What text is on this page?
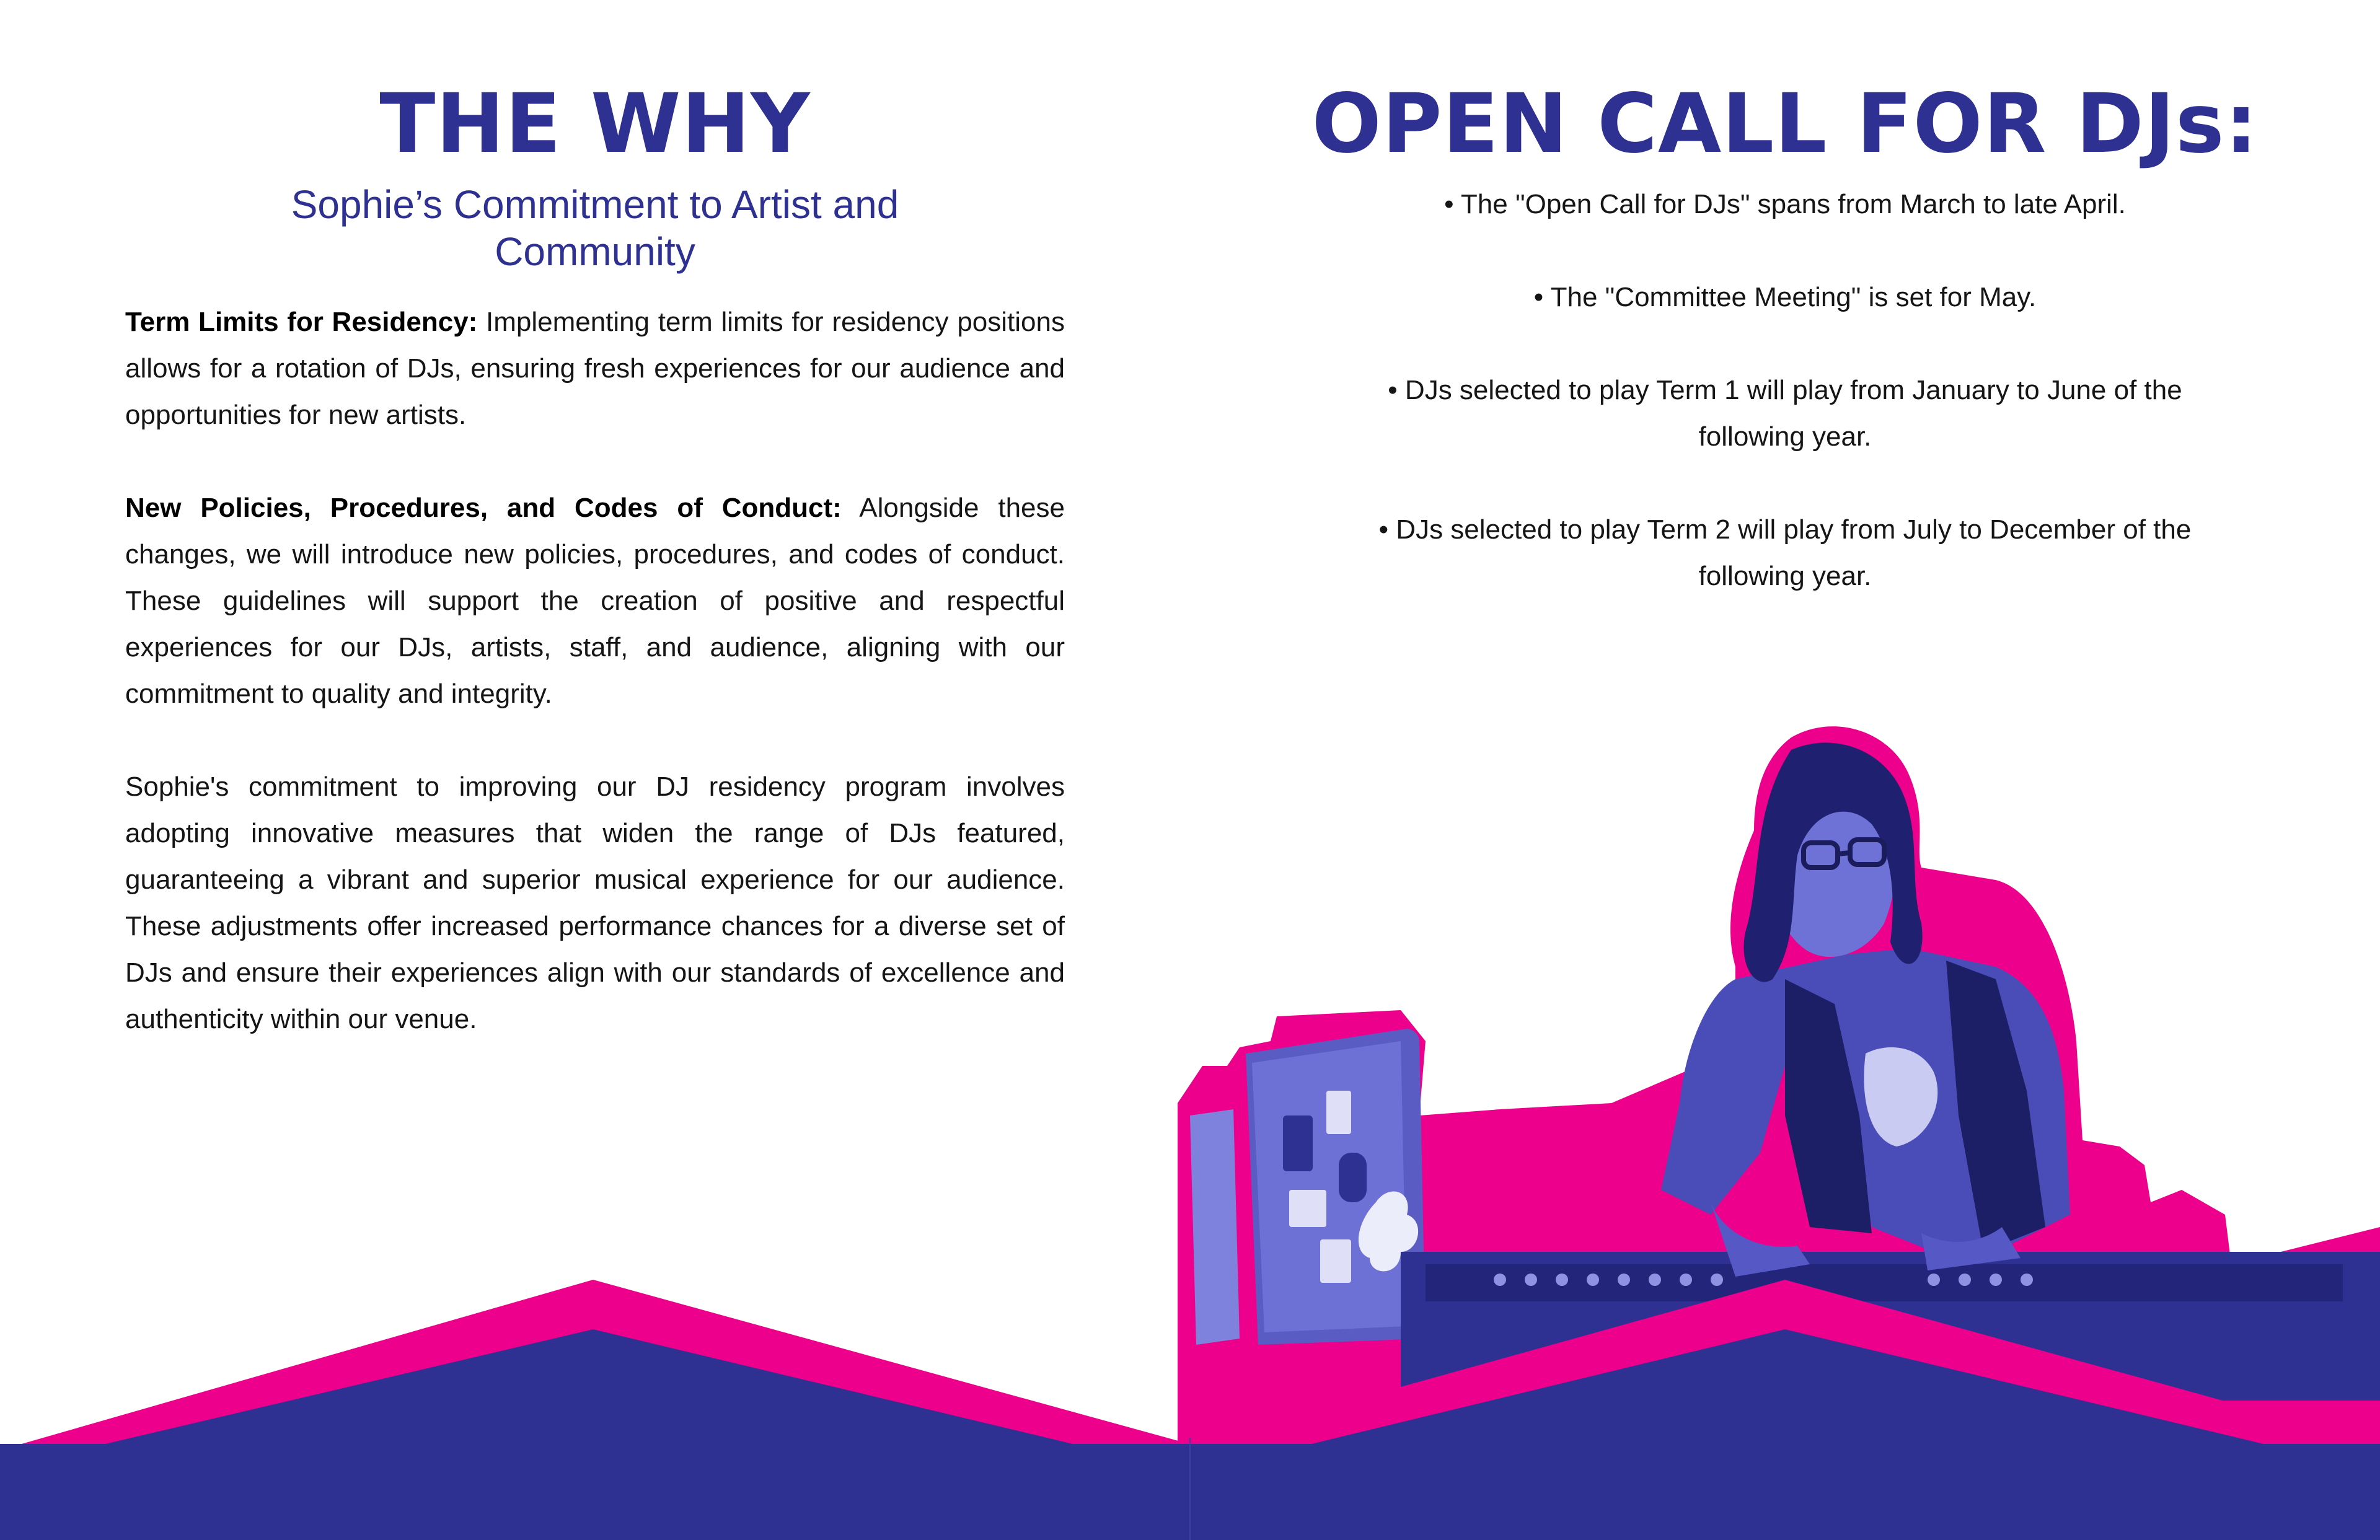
THE WHY
Sophie’s Commitment to Artist and Community

Term Limits for Residency: Implementing term limits for residency positions allows for a rotation of DJs, ensuring fresh experiences for our audience and opportunities for new artists.

New Policies, Procedures, and Codes of Conduct: Alongside these changes, we will introduce new policies, procedures, and codes of conduct. These guidelines will support the creation of positive and respectful experiences for our DJs, artists, staff, and audience, aligning with our commitment to quality and integrity.

Sophie's commitment to improving our DJ residency program involves adopting innovative measures that widen the range of DJs featured, guaranteeing a vibrant and superior musical experience for our audience. These adjustments offer increased performance chances for a diverse set of DJs and ensure their experiences align with our standards of excellence and authenticity within our venue.

OPEN CALL FOR DJs:
• The "Open Call for DJs" spans from March to late April.
• The "Committee Meeting" is set for May.
• DJs selected to play Term 1 will play from January to June of the following year.
• DJs selected to play Term 2 will play from July to December of the following year.
